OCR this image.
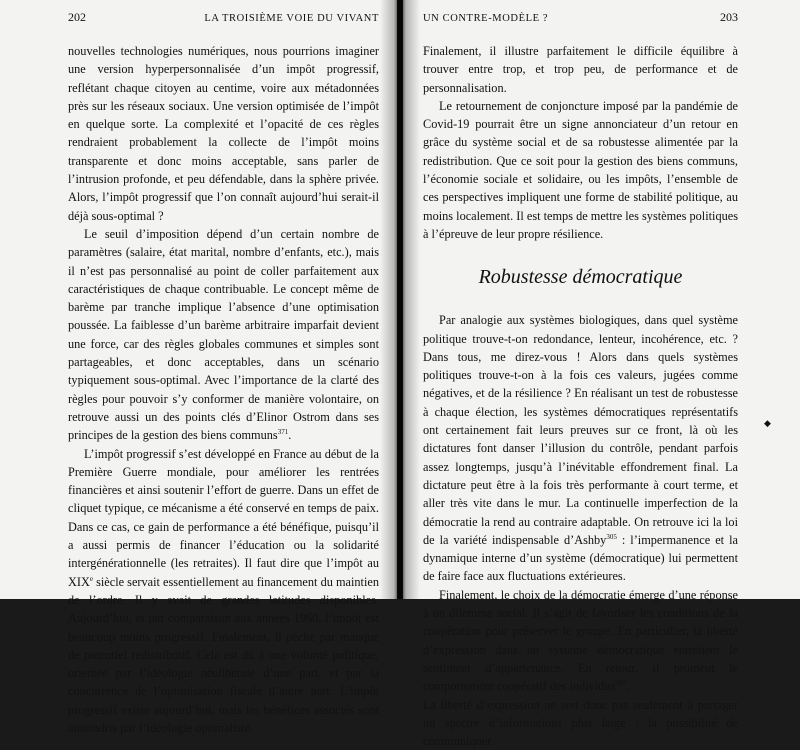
202	LA TROISIÈME VOIE DU VIVANT

nouvelles technologies numériques, nous pourrions imaginer une version hyperpersonnalisée d’un impôt progressif, reflétant chaque citoyen au centime, voire aux métadonnées près sur les réseaux sociaux. Une version optimisée de l’impôt en quelque sorte. La complexité et l’opacité de ces règles rendraient probablement la collecte de l’impôt moins transparente et donc moins acceptable, sans parler de l’intrusion profonde, et peu défendable, dans la sphère privée. Alors, l’impôt progressif que l’on connaît aujourd’hui serait-il déjà sous-optimal ?

Le seuil d’imposition dépend d’un certain nombre de paramètres (salaire, état marital, nombre d’enfants, etc.), mais il n’est pas personnalisé au point de coller parfaitement aux caractéristiques de chaque contribuable. Le concept même de barème par tranche implique l’absence d’une optimisation poussée. La faiblesse d’un barème arbitraire imparfait devient une force, car des règles globales communes et simples sont partageables, et donc acceptables, dans un scénario typiquement sous-optimal. Avec l’importance de la clarté des règles pour pouvoir s’y conformer de manière volontaire, on retrouve aussi un des points clés d’Elinor Ostrom dans ses principes de la gestion des biens communs$^{371}$.

L’impôt progressif s’est développé en France au début de la Première Guerre mondiale, pour améliorer les rentrées financières et ainsi soutenir l’effort de guerre. Dans un effet de cliquet typique, ce mécanisme a été conservé en temps de paix. Dans ce cas, ce gain de performance a été bénéfique, puisqu’il a aussi permis de financer l’éducation ou la solidarité intergénérationnelle (les retraites). Il faut dire que l’impôt au XIXe siècle servait essentiellement au financement du maintien de l’ordre. Il y avait de grandes latitudes disponibles. Aujourd’hui, et par comparaison aux années 1960, l’impôt est beaucoup moins progressif. Finalement, il pèche par manque de potentiel redistributif. Cela est dû à une volonté politique, orientée par l’idéologie néolibérale d’une part, et par la concurrence de l’optimisation fiscale d’autre part. L’impôt progressif existe aujourd’hui, mais les bénéfices associés sont amoindris par l’idéologie optimaliste.

UN CONTRE-MODÈLE ?	203

Finalement, il illustre parfaitement le difficile équilibre à trouver entre trop, et trop peu, de performance et de personnalisation.

Le retournement de conjoncture imposé par la pandémie de Covid-19 pourrait être un signe annonciateur d’un retour en grâce du système social et de sa robustesse alimentée par la redistribution. Que ce soit pour la gestion des biens communs, l’économie sociale et solidaire, ou les impôts, l’ensemble de ces perspectives impliquent une forme de stabilité politique, au moins localement. Il est temps de mettre les systèmes politiques à l’épreuve de leur propre résilience.

Robustesse démocratique

Par analogie aux systèmes biologiques, dans quel système politique trouve-t-on redondance, lenteur, incohérence, etc. ? Dans tous, me direz-vous ! Alors dans quels systèmes politiques trouve-t-on à la fois ces valeurs, jugées comme négatives, et de la résilience ? En réalisant un test de robustesse à chaque élection, les systèmes démocratiques représentatifs ont certainement fait leurs preuves sur ce front, là où les dictatures font danser l’illusion du contrôle, pendant parfois assez longtemps, jusqu’à l’inévitable effondrement final. La dictature peut être à la fois très performante à court terme, et aller très vite dans le mur. La continuelle imperfection de la démocratie la rend au contraire adaptable. On retrouve ici la loi de la variété indispensable d’Ashby$^{305}$ : l’impermanence et la dynamique interne d’un système (démocratique) lui permettent de faire face aux fluctuations extérieures.

Finalement, le choix de la démocratie émerge d’une réponse à un dilemme social. Il s’agit de favoriser les conditions de la coopération pour préserver le groupe. En particulier, la liberté d’expression dans un système démocratique entretient le sentiment d’appartenance. En retour, il promeut le comportement coopératif des individus$^{389}$.

La liberté d’expression ne sert donc pas seulement à partager un spectre d’informations plus large ; la possibilité de communiquer

◆
